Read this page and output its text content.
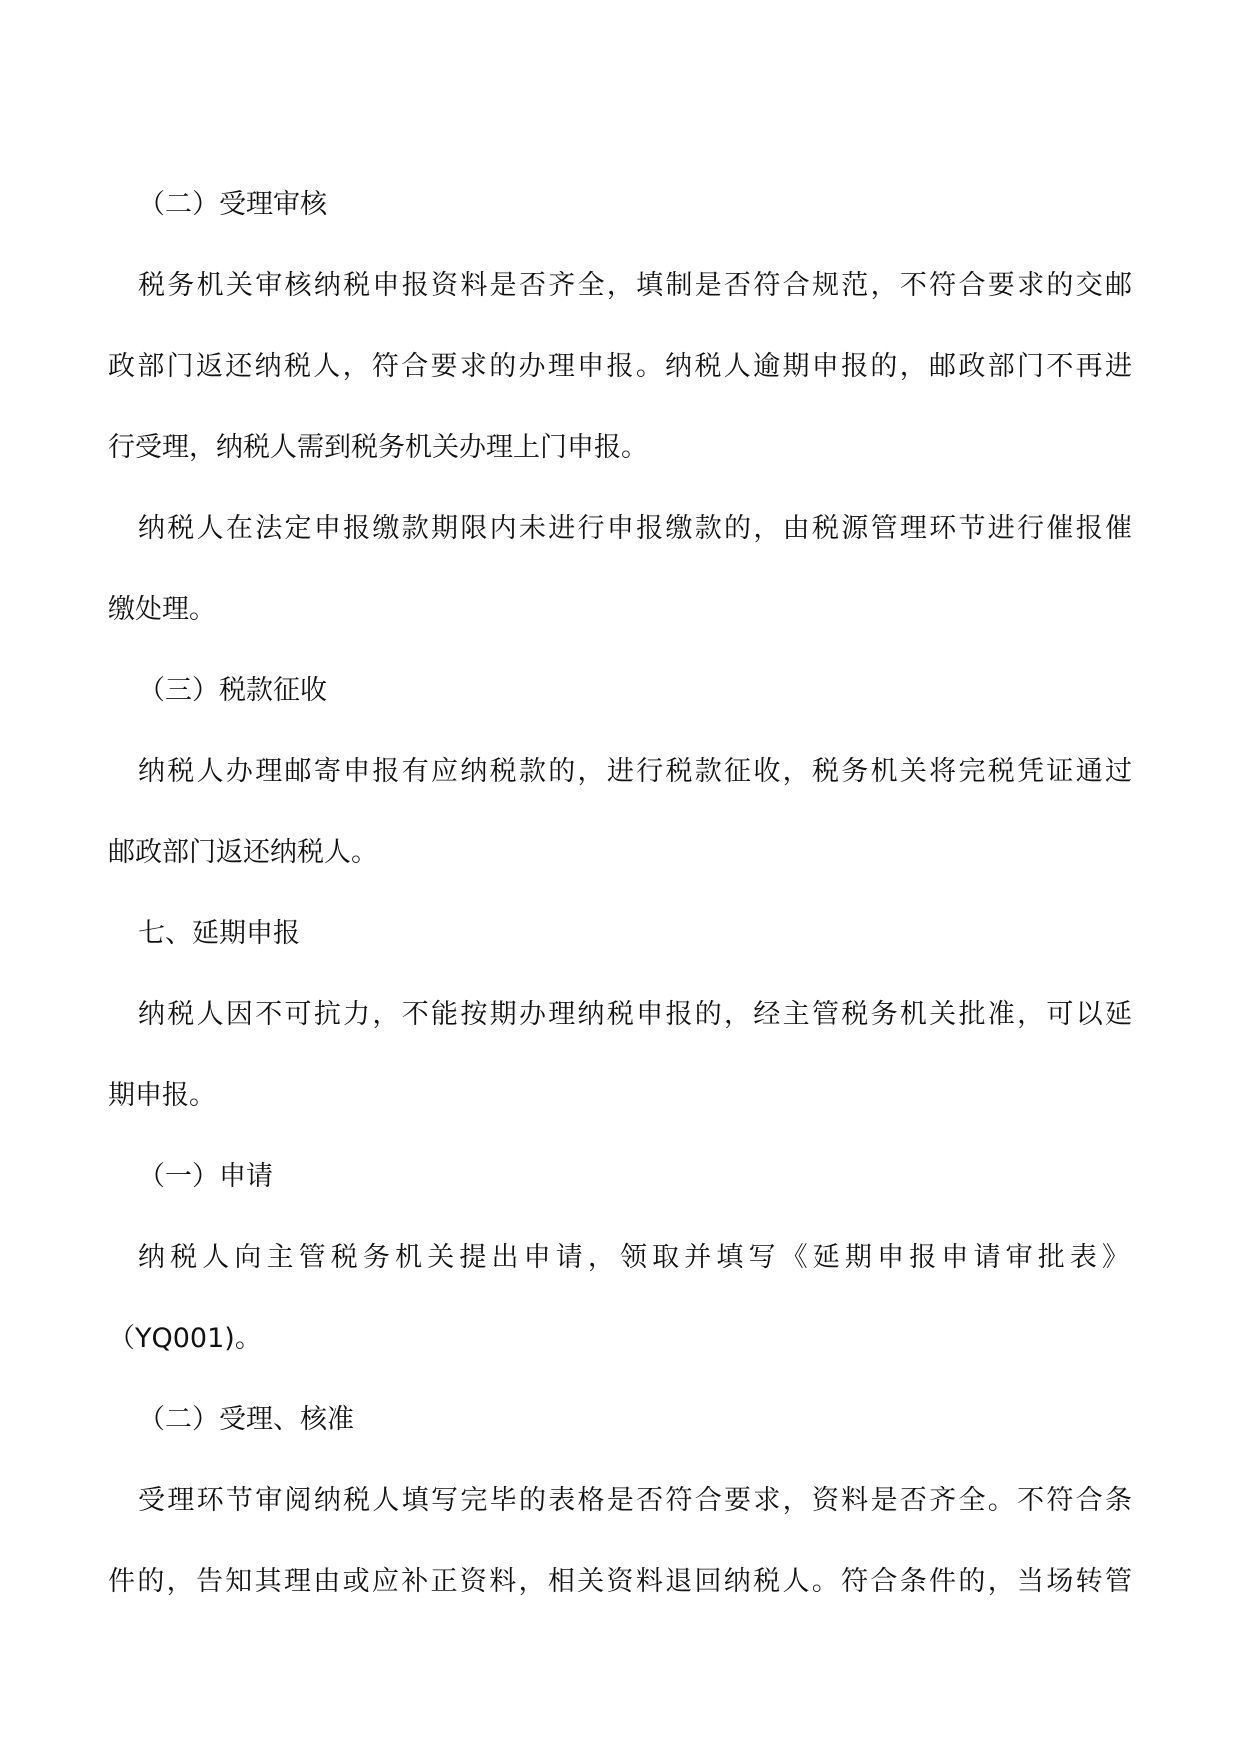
（二）受理审核
税务机关审核纳税申报资料是否齐全，填制是否符合规范，不符合要求的交邮
政部门返还纳税人，符合要求的办理申报。纳税人逾期申报的，邮政部门不再进
行受理，纳税人需到税务机关办理上门申报。
纳税人在法定申报缴款期限内未进行申报缴款的，由税源管理环节进行催报催
缴处理。
（三）税款征收
纳税人办理邮寄申报有应纳税款的，进行税款征收，税务机关将完税凭证通过
邮政部门返还纳税人。
七、延期申报
纳税人因不可抗力，不能按期办理纳税申报的，经主管税务机关批准，可以延
期申报。
（一）申请
纳税人向主管税务机关提出申请，领取并填写《延期申报申请审批表》
（YQ001)。
（二）受理、核准
受理环节审阅纳税人填写完毕的表格是否符合要求，资料是否齐全。不符合条
件的，告知其理由或应补正资料，相关资料退回纳税人。符合条件的，当场转管
